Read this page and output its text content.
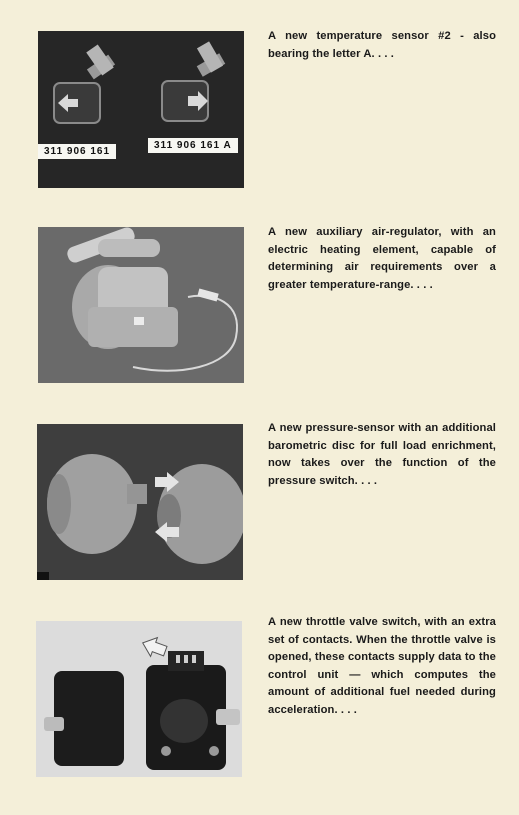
311 906 161
311 906 161 A
A new temperature sensor #2 - also bearing the letter A. . . .
A new auxiliary air-regulator, with an electric heating element, capable of determining air requirements over a greater temperature-range. . . .
A new pressure-sensor with an additional barometric disc for full load enrichment, now takes over the function of the pressure switch. . . .
A new throttle valve switch, with an extra set of contacts. When the throttle valve is opened, these contacts supply data to the control unit — which computes the amount of additional fuel needed during acceleration. . . .
